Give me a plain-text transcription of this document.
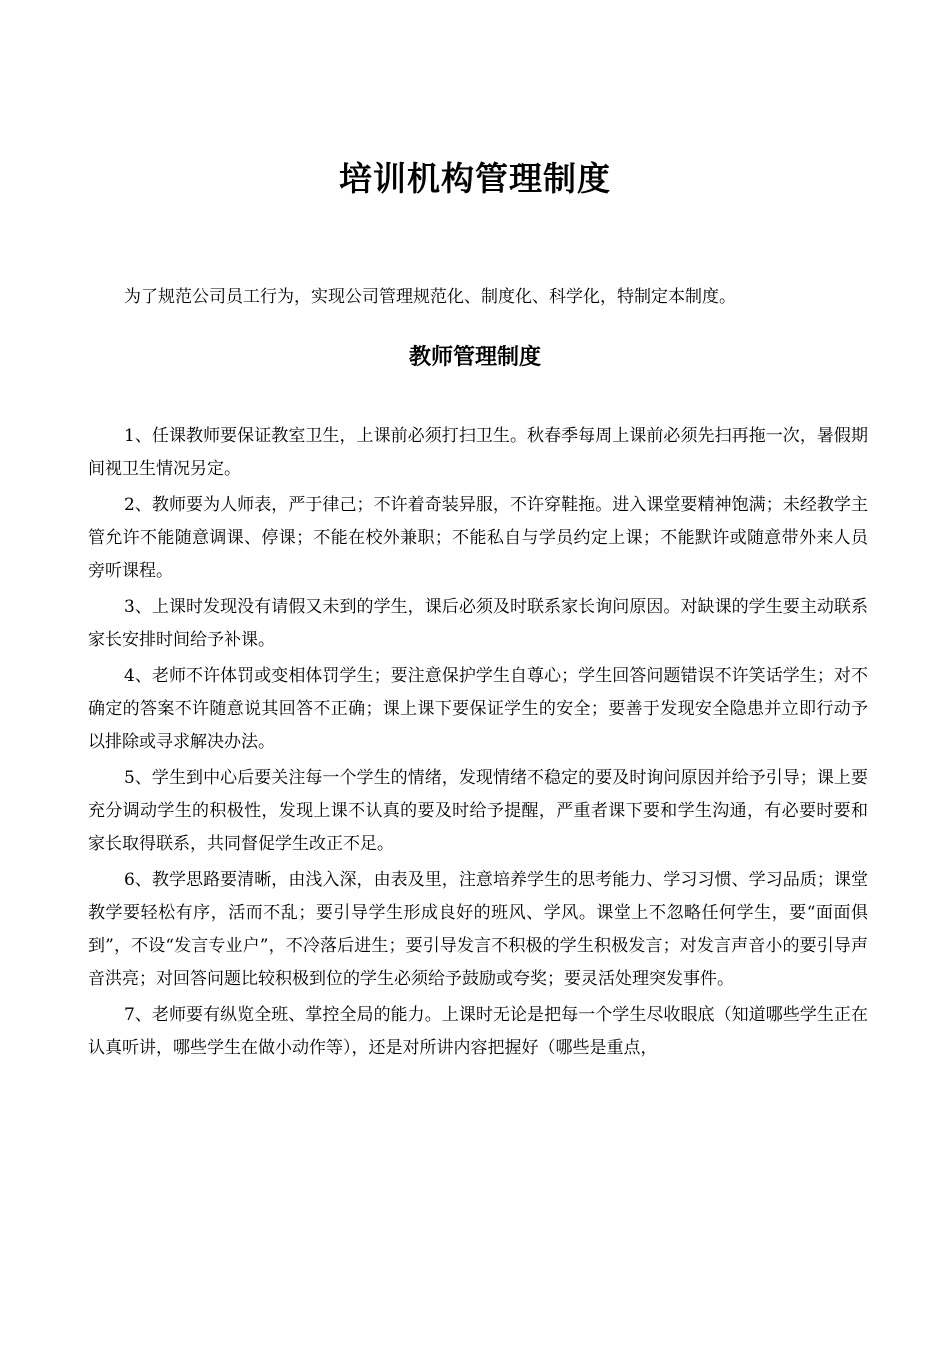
培训机构管理制度

为了规范公司员工行为，实现公司管理规范化、制度化、科学化，特制定本制度。

教师管理制度

1、任课教师要保证教室卫生，上课前必须打扫卫生。秋春季每周上课前必须先扫再拖一次，暑假期间视卫生情况另定。

2、教师要为人师表，严于律己；不许着奇装异服，不许穿鞋拖。进入课堂要精神饱满；未经教学主管允许不能随意调课、停课；不能在校外兼职；不能私自与学员约定上课；不能默许或随意带外来人员旁听课程。

3、上课时发现没有请假又未到的学生，课后必须及时联系家长询问原因。对缺课的学生要主动联系家长安排时间给予补课。

4、老师不许体罚或变相体罚学生；要注意保护学生自尊心；学生回答问题错误不许笑话学生；对不确定的答案不许随意说其回答不正确；课上课下要保证学生的安全；要善于发现安全隐患并立即行动予以排除或寻求解决办法。

5、学生到中心后要关注每一个学生的情绪，发现情绪不稳定的要及时询问原因并给予引导；课上要充分调动学生的积极性，发现上课不认真的要及时给予提醒，严重者课下要和学生沟通，有必要时要和家长取得联系，共同督促学生改正不足。

6、教学思路要清晰，由浅入深，由表及里，注意培养学生的思考能力、学习习惯、学习品质；课堂教学要轻松有序，活而不乱；要引导学生形成良好的班风、学风。课堂上不忽略任何学生，要“面面俱到”，不设“发言专业户”，不冷落后进生；要引导发言不积极的学生积极发言；对发言声音小的要引导声音洪亮；对回答问题比较积极到位的学生必须给予鼓励或夸奖；要灵活处理突发事件。

7、老师要有纵览全班、掌控全局的能力。上课时无论是把每一个学生尽收眼底（知道哪些学生正在认真听讲，哪些学生在做小动作等），还是对所讲内容把握好（哪些是重点，
